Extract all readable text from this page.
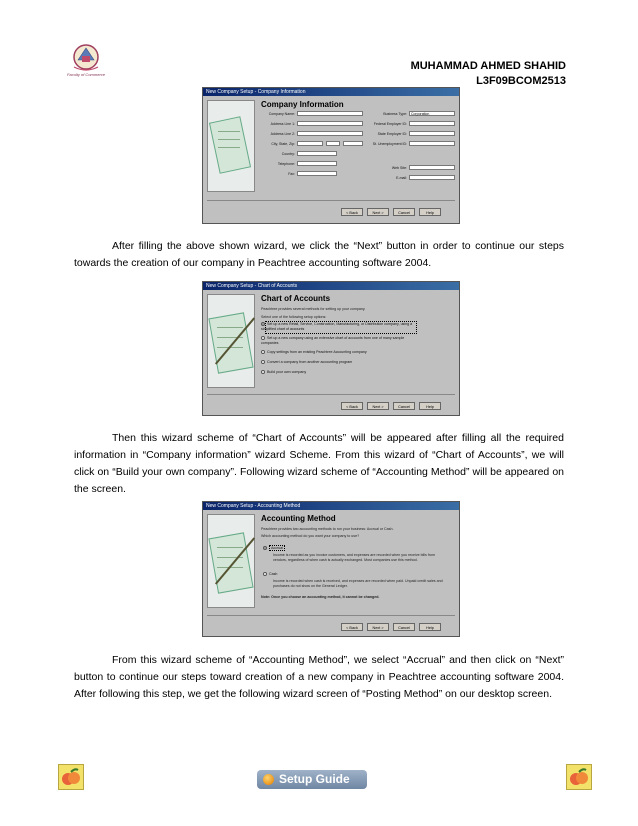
Faculty of Commerce
MUHAMMAD AHMED SHAHID
L3F09BCOM2513
New Company Setup - Company Information
Company Information
Company Name:
Address Line 1:
Address Line 2:
City, State, Zip:
Country:
Telephone:
Fax:
Business Type:	Corporation
Federal Employer ID:
State Employer ID:
St. Unemployment ID:
Web Site:
E-mail:
< Back	Next >	Cancel	Help
After filling the above shown wizard, we click the “Next” button in order to continue our steps towards the creation of our company in Peachtree accounting software 2004.
New Company Setup - Chart of Accounts
Chart of Accounts
Peachtree provides several methods for setting up your company.
Select one of the following setup options:
Set up a new Retail, Service, Construction, Manufacturing, or Distribution company, using a simplified chart of accounts
Set up a new company using an extensive chart of accounts from one of many sample companies
Copy settings from an existing Peachtree Accounting company
Convert a company from another accounting program
Build your own company
< Back	Next >	Cancel	Help
Then this wizard scheme of “Chart of Accounts” will be appeared after filling all the required information in “Company information” wizard Scheme. From this wizard of “Chart of Accounts”, we will click on “Build your own company”. Following wizard scheme of “Accounting Method” will be appeared on the screen.
New Company Setup - Accounting Method
Accounting Method
Peachtree provides two accounting methods to run your business: Accrual or Cash.
Which accounting method do you want your company to use?
Accrual
Income is recorded as you invoice customers, and expenses are recorded when you receive bills from vendors, regardless of when cash is actually exchanged. Most companies use this method.
Cash
Income is recorded when cash is received, and expenses are recorded when paid. Unpaid credit sales and purchases do not show on the General Ledger.
Note: Once you choose an accounting method, it cannot be changed.
< Back	Next >	Cancel	Help
From this wizard scheme of “Accounting Method”, we select “Accrual” and then click on “Next” button to continue our steps toward creation of a new company in Peachtree accounting software 2004. After following this step, we get the following wizard screen of “Posting Method” on our desktop screen.
Setup Guide
